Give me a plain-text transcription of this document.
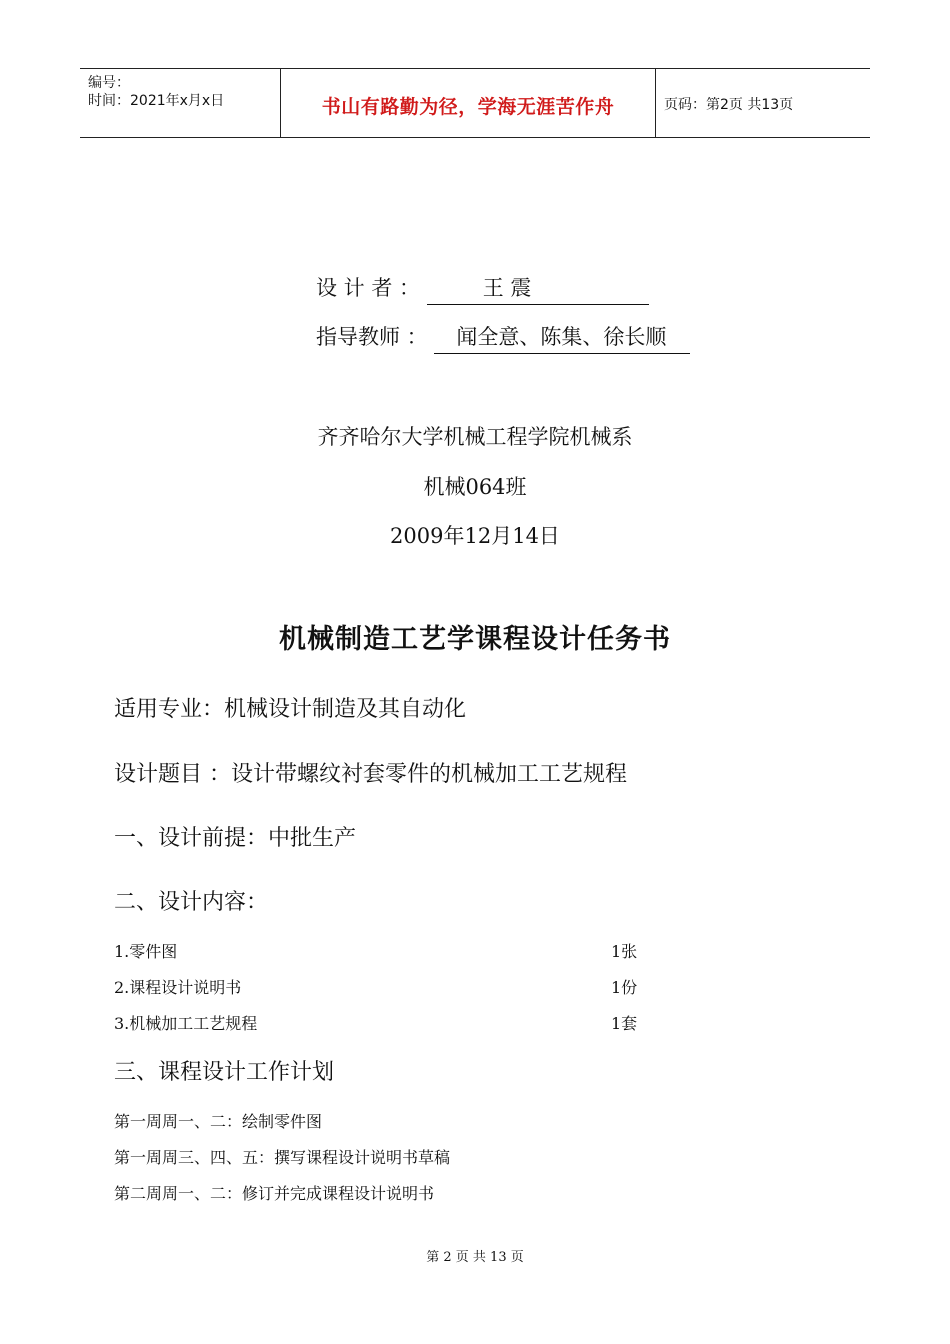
编号：
时间：2021年x月x日	书山有路勤为径，学海无涯苦作舟	页码：第2页 共13页
设 计 者 ：	王 震
指导教师 ： 闻全意、陈集、徐长顺
齐齐哈尔大学机械工程学院机械系
机械064班
2009年12月14日
机械制造工艺学课程设计任务书
适用专业：机械设计制造及其自动化
设计题目 ：设计带螺纹衬套零件的机械加工工艺规程
一、设计前提：中批生产
二、设计内容：
1.零件图	1张
2.课程设计说明书	1份
3.机械加工工艺规程	1套
三、课程设计工作计划
第一周周一、二：绘制零件图
第一周周三、四、五：撰写课程设计说明书草稿
第二周周一、二：修订并完成课程设计说明书
第 2 页 共 13 页
